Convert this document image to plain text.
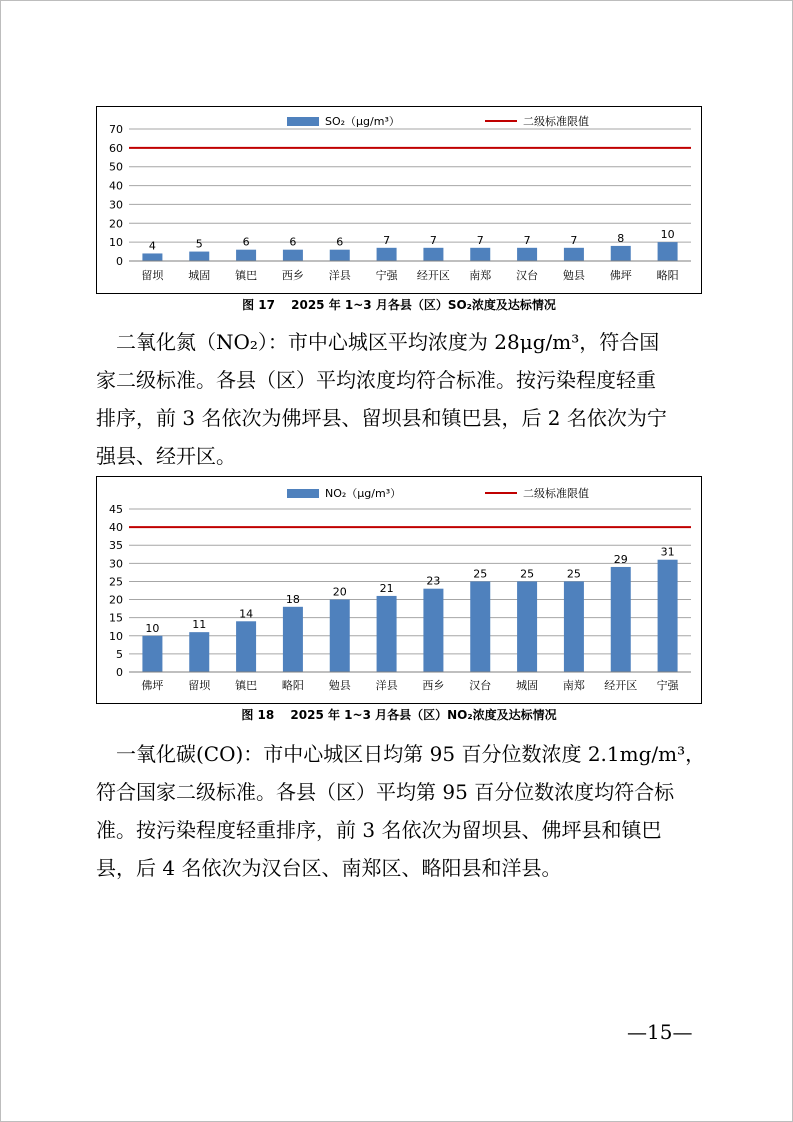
0
10
20
30
40
50
60
70
4
留坝
5
城固
6
镇巴
6
西乡
6
洋县
7
宁强
7
经开区
7
南郑
7
汉台
7
勉县
8
佛坪
10
略阳
SO₂（μg/m³）	二级标准限值
图 17　 2025 年 1~3 月各县（区）SO₂浓度及达标情况

　二氧化氮（NO₂）：市中心城区平均浓度为 28μg/m³，符合国
家二级标准。各县（区）平均浓度均符合标准。按污染程度轻重
排序，前 3 名依次为佛坪县、留坝县和镇巴县，后 2 名依次为宁
强县、经开区。

0
5
10
15
20
25
30
35
40
45
10
佛坪
11
留坝
14
镇巴
18
略阳
20
勉县
21
洋县
23
西乡
25
汉台
25
城固
25
南郑
29
经开区
31
宁强
NO₂（μg/m³）	二级标准限值
图 18　 2025 年 1~3 月各县（区）NO₂浓度及达标情况

　一氧化碳(CO)：市中心城区日均第 95 百分位数浓度 2.1mg/m³，
符合国家二级标准。各县（区）平均第 95 百分位数浓度均符合标
准。按污染程度轻重排序，前 3 名依次为留坝县、佛坪县和镇巴
县，后 4 名依次为汉台区、南郑区、略阳县和洋县。

—15—
